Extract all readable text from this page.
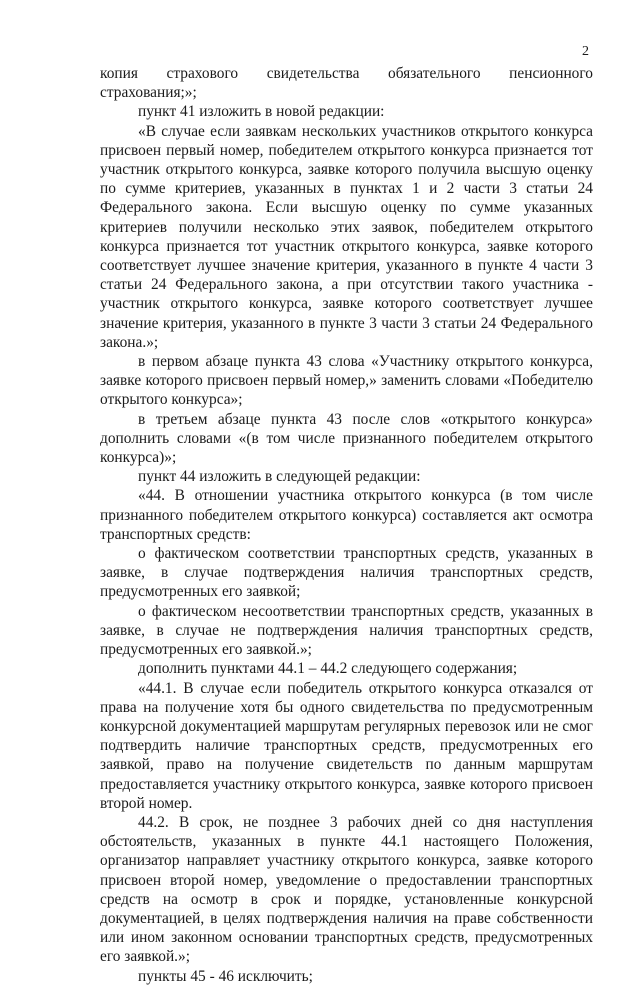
2

копия страхового свидетельства обязательного пенсионного страхования;»;

пункт 41 изложить в новой редакции:

«В случае если заявкам нескольких участников открытого конкурса присвоен первый номер, победителем открытого конкурса признается тот участник открытого конкурса, заявке которого получила высшую оценку по сумме критериев, указанных в пунктах 1 и 2 части 3 статьи 24 Федерального закона. Если высшую оценку по сумме указанных критериев получили несколько этих заявок, победителем открытого конкурса признается тот участник открытого конкурса, заявке которого соответствует лучшее значение критерия, указанного в пункте 4 части 3 статьи 24 Федерального закона, а при отсутствии такого участника - участник открытого конкурса, заявке которого соответствует лучшее значение критерия, указанного в пункте 3 части 3 статьи 24 Федерального закона.»;

в первом абзаце пункта 43 слова «Участнику открытого конкурса, заявке которого присвоен первый номер,» заменить словами «Победителю открытого конкурса»;

в третьем абзаце пункта 43 после слов «открытого конкурса» дополнить словами «(в том числе признанного победителем открытого конкурса)»;

пункт 44 изложить в следующей редакции:

«44. В отношении участника открытого конкурса (в том числе признанного победителем открытого конкурса) составляется акт осмотра транспортных средств:

о фактическом соответствии транспортных средств, указанных в заявке, в случае подтверждения наличия транспортных средств, предусмотренных его заявкой;

о фактическом несоответствии транспортных средств, указанных в заявке, в случае не подтверждения наличия транспортных средств, предусмотренных его заявкой.»;

дополнить пунктами 44.1 – 44.2 следующего содержания;

«44.1. В случае если победитель открытого конкурса отказался от права на получение хотя бы одного свидетельства по предусмотренным конкурсной документацией маршрутам регулярных перевозок или не смог подтвердить наличие транспортных средств, предусмотренных его заявкой, право на получение свидетельств по данным маршрутам предоставляется участнику открытого конкурса, заявке которого присвоен второй номер.

44.2. В срок, не позднее 3 рабочих дней со дня наступления обстоятельств, указанных в пункте 44.1 настоящего Положения, организатор направляет участнику открытого конкурса, заявке которого присвоен второй номер, уведомление о предоставлении транспортных средств на осмотр в срок и порядке, установленные конкурсной документацией, в целях подтверждения наличия на праве собственности или ином законном основании транспортных средств, предусмотренных его заявкой.»;

пункты 45 - 46 исключить;
